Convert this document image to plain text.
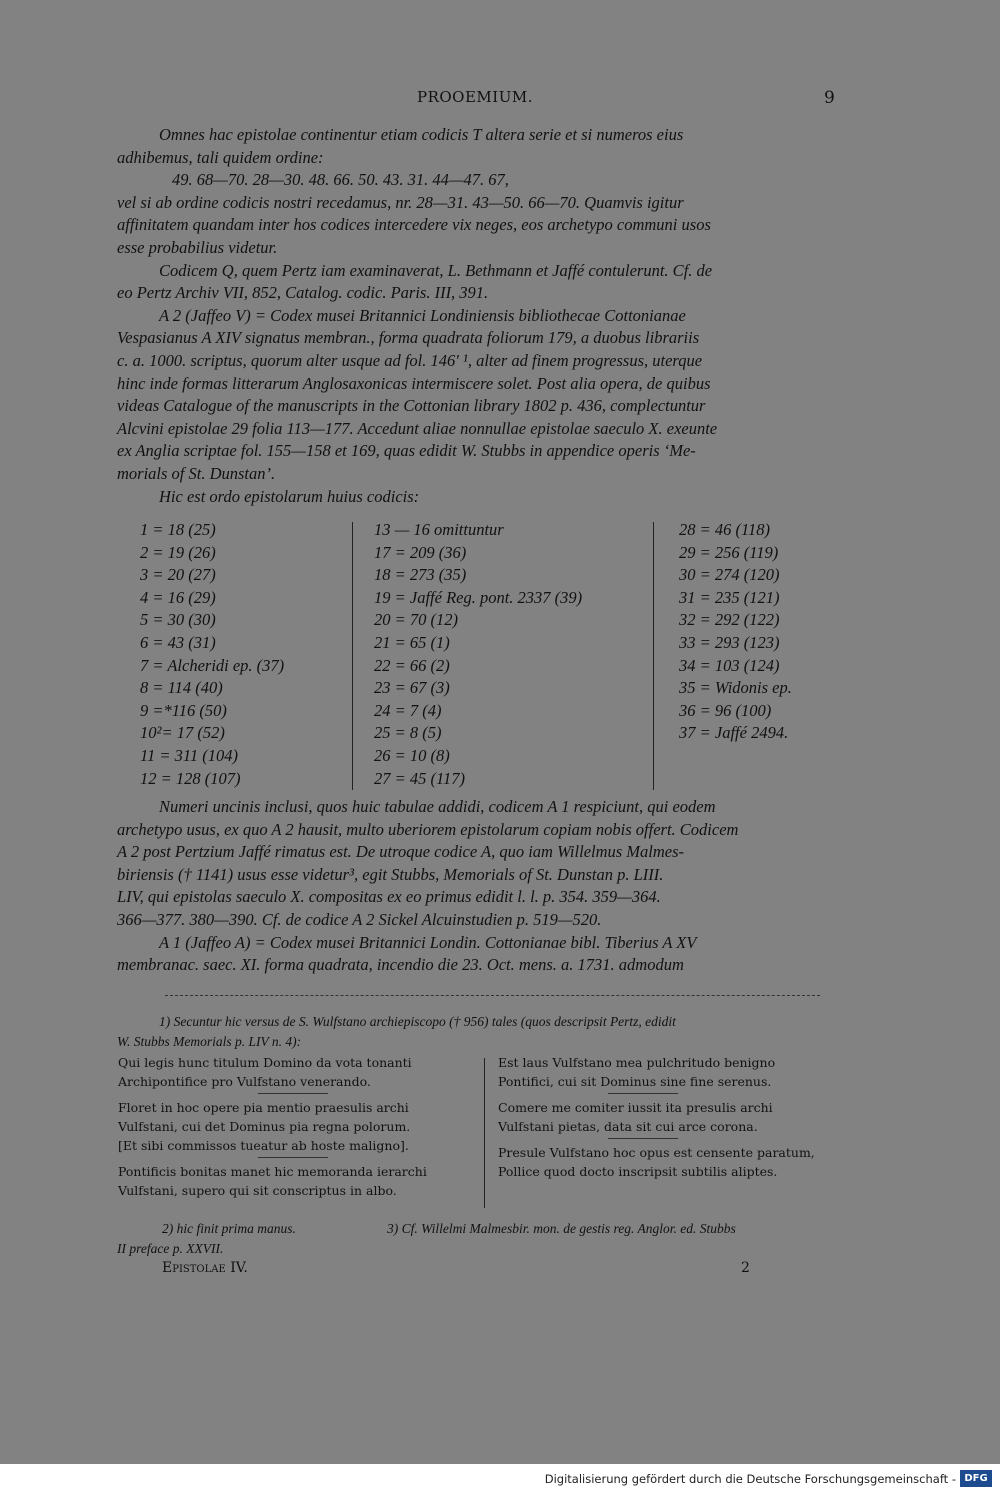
PROOEMIUM.	9
Omnes hac epistolae continentur etiam codicis T altera serie et si numeros eius
adhibemus, tali quidem ordine:
49. 68—70. 28—30. 48. 66. 50. 43. 31. 44—47. 67,
vel si ab ordine codicis nostri recedamus, nr. 28—31. 43—50. 66—70. Quamvis igitur
affinitatem quandam inter hos codices intercedere vix neges, eos archetypo communi usos
esse probabilius videtur.
Codicem Q, quem Pertz iam examinaverat, L. Bethmann et Jaffé contulerunt. Cf. de
eo Pertz Archiv VII, 852, Catalog. codic. Paris. III, 391.
A 2 (Jaffeo V) = Codex musei Britannici Londiniensis bibliothecae Cottonianae
Vespasianus A XIV signatus membran., forma quadrata foliorum 179, a duobus librariis
c. a. 1000. scriptus, quorum alter usque ad fol. 146' ¹, alter ad finem progressus, uterque
hinc inde formas litterarum Anglosaxonicas intermiscere solet. Post alia opera, de quibus
videas Catalogue of the manuscripts in the Cottonian library 1802 p. 436, complectuntur
Alcvini epistolae 29 folia 113—177. Accedunt aliae nonnullae epistolae saeculo X. exeunte
ex Anglia scriptae fol. 155—158 et 169, quas edidit W. Stubbs in appendice operis ‘Me-
morials of St. Dunstan’.
Hic est ordo epistolarum huius codicis:
1 = 18 (25)
2 = 19 (26)
3 = 20 (27)
4 = 16 (29)
5 = 30 (30)
6 = 43 (31)
7 = Alcheridi ep. (37)
8 = 114 (40)
9 =*116 (50)
10²= 17 (52)
11 = 311 (104)
12 = 128 (107)
13 — 16 omittuntur
17 = 209 (36)
18 = 273 (35)
19 = Jaffé Reg. pont. 2337 (39)
20 = 70 (12)
21 = 65 (1)
22 = 66 (2)
23 = 67 (3)
24 = 7 (4)
25 = 8 (5)
26 = 10 (8)
27 = 45 (117)
28 = 46 (118)
29 = 256 (119)
30 = 274 (120)
31 = 235 (121)
32 = 292 (122)
33 = 293 (123)
34 = 103 (124)
35 = Widonis ep.
36 = 96 (100)
37 = Jaffé 2494.
Numeri uncinis inclusi, quos huic tabulae addidi, codicem A 1 respiciunt, qui eodem
archetypo usus, ex quo A 2 hausit, multo uberiorem epistolarum copiam nobis offert. Codicem
A 2 post Pertzium Jaffé rimatus est. De utroque codice A, quo iam Willelmus Malmes-
biriensis († 1141) usus esse videtur³, egit Stubbs, Memorials of St. Dunstan p. LIII.
LIV, qui epistolas saeculo X. compositas ex eo primus edidit l. l. p. 354. 359—364.
366—377. 380—390. Cf. de codice A 2 Sickel Alcuinstudien p. 519—520.
A 1 (Jaffeo A) = Codex musei Britannici Londin. Cottonianae bibl. Tiberius A XV
membranac. saec. XI. forma quadrata, incendio die 23. Oct. mens. a. 1731. admodum
1) Secuntur hic versus de S. Wulfstano archiepiscopo († 956) tales (quos descripsit Pertz, edidit
W. Stubbs Memorials p. LIV n. 4):
Qui legis hunc titulum Domino da vota tonanti
Archipontifice pro Vulfstano venerando.
Floret in hoc opere pia mentio praesulis archi
Vulfstani, cui det Dominus pia regna polorum.
[Et sibi commissos tueatur ab hoste maligno].
Pontificis bonitas manet hic memoranda ierarchi
Vulfstani, supero qui sit conscriptus in albo.
Est laus Vulfstano mea pulchritudo benigno
Pontifici, cui sit Dominus sine fine serenus.
Comere me comiter iussit ita presulis archi
Vulfstani pietas, data sit cui arce corona.
Presule Vulfstano hoc opus est censente paratum,
Pollice quod docto inscripsit subtilis aliptes.
2) hic finit prima manus.	3) Cf. Willelmi Malmesbir. mon. de gestis reg. Anglor. ed. Stubbs
II preface p. XXVII.
Epistolae IV.	2
Digitalisierung gefördert durch die Deutsche Forschungsgemeinschaft - DFG
